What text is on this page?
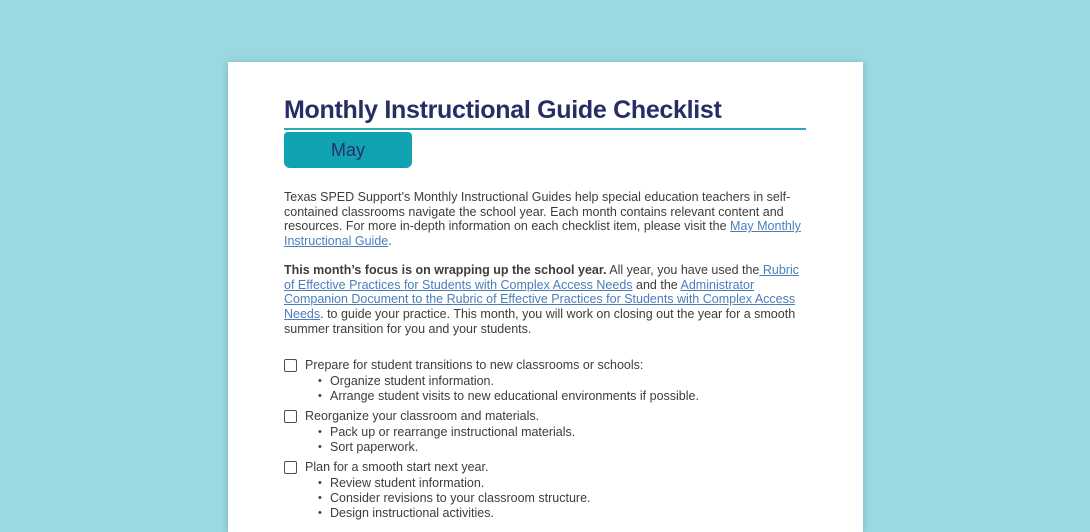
Monthly Instructional Guide Checklist
May

Texas SPED Support’s Monthly Instructional Guides help special education teachers in self-contained classrooms navigate the school year. Each month contains relevant content and resources. For more in-depth information on each checklist item, please visit the May Monthly Instructional Guide.

This month’s focus is on wrapping up the school year. All year, you have used the Rubric of Effective Practices for Students with Complex Access Needs and the Administrator Companion Document to the Rubric of Effective Practices for Students with Complex Access Needs. to guide your practice. This month, you will work on closing out the year for a smooth summer transition for you and your students.

Prepare for student transitions to new classrooms or schools:
• Organize student information.
• Arrange student visits to new educational environments if possible.
Reorganize your classroom and materials.
• Pack up or rearrange instructional materials.
• Sort paperwork.
Plan for a smooth start next year.
• Review student information.
• Consider revisions to your classroom structure.
• Design instructional activities.
